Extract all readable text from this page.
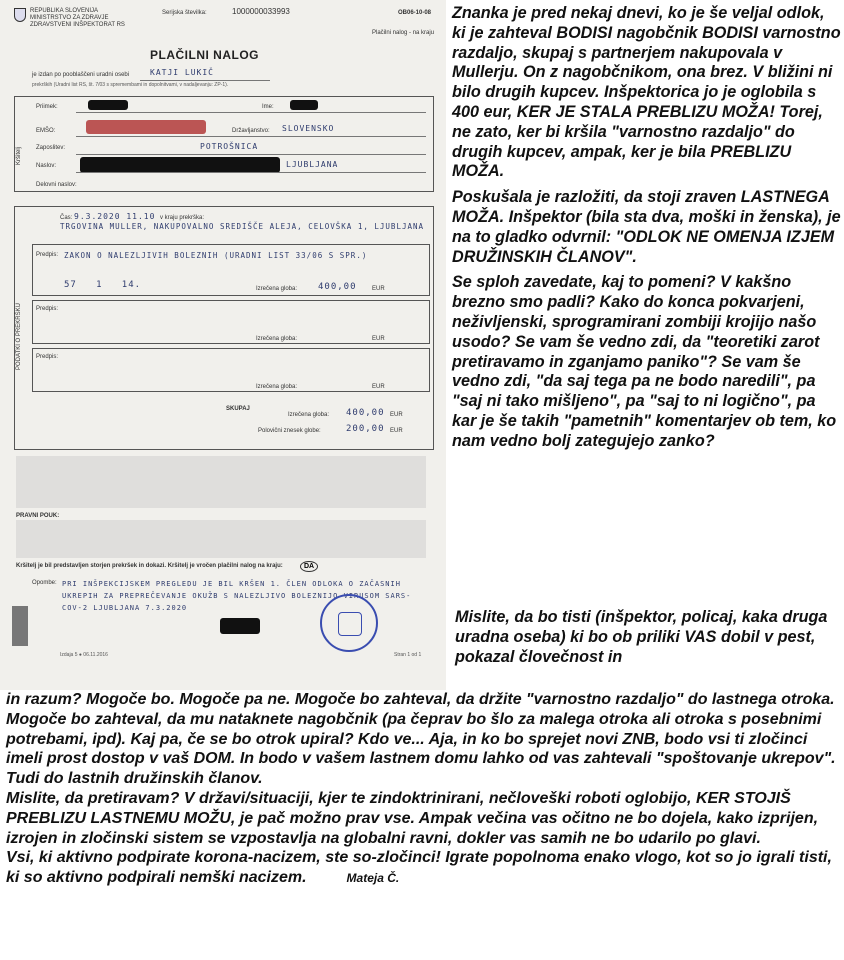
REPUBLIKA SLOVENIJA
MINISTRSTVO ZA ZDRAVJE
ZDRAVSTVENI INŠPEKTORAT RS
Serijska številka:	1000000033993	OB06-10-08
Plačilni nalog - na kraju
PLAČILNI NALOG
je izdan po pooblaščeni uradni osebi	KATJI LUKIČ
prekrških (Uradni list RS, št. 7/03 s spremembami in dopolnitvami, v nadaljevanju: ZP-1).
Kršitelj
Priimek:	Ime:
EMŠO:	Državljanstvo: SLOVENSKO
Zaposlitev:	POTROŠNICA
Naslov:	LJUBLJANA
Delovni naslov:
PODATKI O PREKRŠKU
Čas: 9.3.2020 11.10 v kraju prekrška:
TRGOVINA MULLER, NAKUPOVALNO SREDIŠČE ALEJA, CELOVŠKA 1, LJUBLJANA
Predpis: ZAKON O NALEZLJIVIH BOLEZNIH (URADNI LIST 33/06 S SPR.)
57 1 14.	Izrečena globa: 400,00	EUR
Predpis:
Izrečena globa:	EUR
Predpis:
Izrečena globa:	EUR
SKUPAJ
Izrečena globa: 400,00 EUR
Polovični znesek globe:	200,00 EUR
PRAVNI POUK:
Kršitelj je bil predstavljen storjen prekršek in dokazi. Kršitelj je vročen plačilni nalog na kraju:	DA
Opombe: PRI INŠPEKCIJSKEM PREGLEDU JE BIL KRŠEN 1. ČLEN ODLOKA O ZAČASNIH UKREPIH ZA PREPREČEVANJE OKUŽB S NALEZLJIVO BOLEZNIJO VIRUSOM SARS-COV-2 LJUBLJANA 7.3.2020
Izdaja 5 ● 06.11.2016	Stran 1 od 1

Znanka je pred nekaj dnevi, ko je še veljal odlok, ki je zahteval BODISI nagobčnik BODISI varnostno razdaljo, skupaj s partnerjem nakupovala v Mullerju. On z nagobčnikom, ona brez. V bližini ni bilo drugih kupcev. Inšpektorica jo je oglobila s 400 eur, KER JE STALA PREBLIZU MOŽA! Torej, ne zato, ker bi kršila "varnostno razdaljo" do drugih kupcev, ampak, ker je bila PREBLIZU MOŽA.

Poskušala je razložiti, da stoji zraven LASTNEGA MOŽA. Inšpektor (bila sta dva, moški in ženska), je na to gladko odvrnil: "ODLOK NE OMENJA IZJEM DRUŽINSKIH ČLANOV".

Se sploh zavedate, kaj to pomeni? V kakšno brezno smo padli? Kako do konca pokvarjeni, neživljenski, sprogramirani zombiji krojijo našo usodo? Se vam še vedno zdi, da "teoretiki zarot pretiravamo in zganjamo paniko"? Se vam še vedno zdi, "da saj tega pa ne bodo naredili", pa "saj ni tako mišljeno", pa "saj to ni logično", pa kar je še takih "pametnih" komentarjev ob tem, ko nam vedno bolj zategujejo zanko?

Mislite, da bo tisti (inšpektor, policaj, kaka druga uradna oseba) ki bo ob priliki VAS dobil v pest, pokazal človečnost in

in razum? Mogoče bo. Mogoče pa ne. Mogoče bo zahteval, da držite "varnostno razdaljo" do lastnega otroka. Mogoče bo zahteval, da mu nataknete nagobčnik (pa čeprav bo šlo za malega otroka ali otroka s posebnimi potrebami, ipd). Kaj pa, če se bo otrok upiral? Kdo ve... Aja, in ko bo sprejet novi ZNB, bodo vsi ti zločinci imeli prost dostop v vaš DOM. In bodo v vašem lastnem domu lahko od vas zahtevali "spoštovanje ukrepov".

Tudi do lastnih družinskih članov.

Mislite, da pretiravam? V državi/situaciji, kjer te zindoktrinirani, nečloveški roboti oglobijo, KER STOJIŠ PREBLIZU LASTNEMU MOŽU, je pač možno prav vse. Ampak večina vas očitno ne bo dojela, kako izprijen, izrojen in zločinski sistem se vzpostavlja na globalni ravni, dokler vas samih ne bo udarilo po glavi.

Vsi, ki aktivno podpirate korona-nacizem, ste so-zločinci! Igrate popolnoma enako vlogo, kot so jo igrali tisti, ki so aktivno podpirali nemški nacizem.	Mateja Č.
